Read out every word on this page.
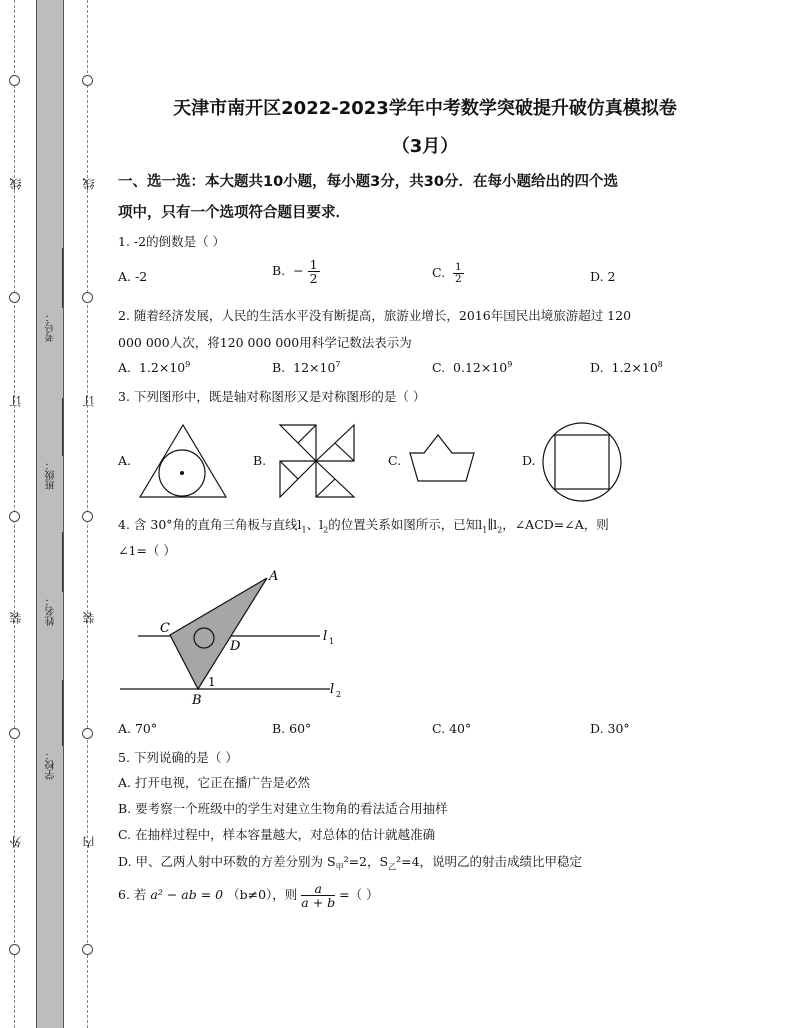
线
订
装
外
线
订
装
内
考号：
班级：
姓名：
学校：
天津市南开区2022-2023学年中考数学突破提升破仿真模拟卷
（3月）
一、选一选：本大题共10小题，每小题3分，共30分．在每小题给出的四个选
项中，只有一个选项符合题目要求．
1. -2的倒数是（ ）
A. -2	B. − $\frac{1}{2}$	C. $\frac{1}{2}$	D. 2
2. 随着经济发展，人民的生活水平没有断提高，旅游业增长，2016年国民出境旅游超过 120
000 000人次，将120 000 000用科学记数法表示为
A. $1.2\times 10^9$	B. $12\times 10^7$	C. $0.12\times 10^9$	D. $1.2\times 10^8$
3. 下列图形中，既是轴对称图形又是对称图形的是（ ）
A.	B.	C.	D.
4. 含 30°角的直角三角板与直线$l_1$、$l_2$的位置关系如图所示，已知$l_1\parallel l_2$，∠ACD=∠A，则
∠1=（ ）
A
C
D
B
l 1
l 2
1
A. 70°	B. 60°	C. 40°	D. 30°
5. 下列说确的是（ ）
A. 打开电视，它正在播广告是必然
B. 要考察一个班级中的学生对建立生物角的看法适合用抽样
C. 在抽样过程中，样本容量越大，对总体的估计就越准确
D. 甲、乙两人射中环数的方差分别为 $S_甲^2=2$，$S_乙^2=4$，说明乙的射击成绩比甲稳定
6. 若 a² − ab = 0 （b≠0），则 $\frac{a}{a + b}$ =（ ）
